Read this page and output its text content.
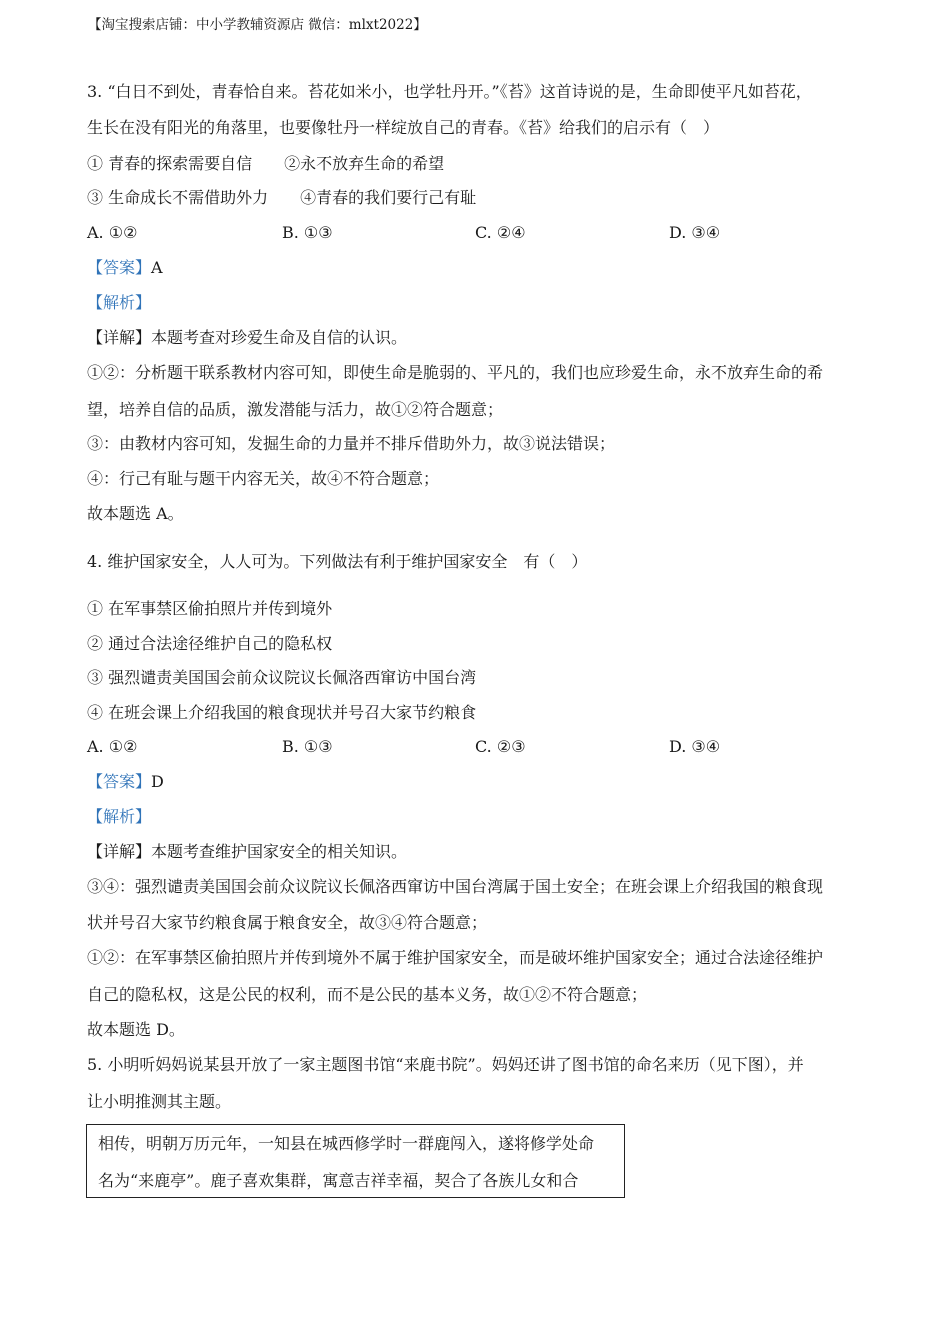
【淘宝搜索店铺：中小学教辅资源店 微信：mlxt2022】
3. “白日不到处，青春恰自来。苔花如米小，也学牡丹开。”《苔》这首诗说的是，生命即使平凡如苔花，
生长在没有阳光的角落里，也要像牡丹一样绽放自己的青春。《苔》给我们的启示有（　）
① 青春的探索需要自信　　②永不放弃生命的希望
③ 生命成长不需借助外力　　④青春的我们要行己有耻
A. ①②	B. ①③	C. ②④	D. ③④
【答案】A
【解析】
【详解】本题考查对珍爱生命及自信的认识。
①②：分析题干联系教材内容可知，即使生命是脆弱的、平凡的，我们也应珍爱生命，永不放弃生命的希
望，培养自信的品质，激发潜能与活力，故①②符合题意；
③：由教材内容可知，发掘生命的力量并不排斥借助外力，故③说法错误；
④：行己有耻与题干内容无关，故④不符合题意；
故本题选 A。
4. 维护国家安全，人人可为。下列做法有利于维护国家安全　有（　）
① 在军事禁区偷拍照片并传到境外
② 通过合法途径维护自己的隐私权
③ 强烈谴责美国国会前众议院议长佩洛西窜访中国台湾
④ 在班会课上介绍我国的粮食现状并号召大家节约粮食
A. ①②	B. ①③	C. ②③	D. ③④
【答案】D
【解析】
【详解】本题考查维护国家安全的相关知识。
③④：强烈谴责美国国会前众议院议长佩洛西窜访中国台湾属于国土安全；在班会课上介绍我国的粮食现
状并号召大家节约粮食属于粮食安全，故③④符合题意；
①②：在军事禁区偷拍照片并传到境外不属于维护国家安全，而是破坏维护国家安全；通过合法途径维护
自己的隐私权，这是公民的权利，而不是公民的基本义务，故①②不符合题意；
故本题选 D。
5. 小明听妈妈说某县开放了一家主题图书馆“来鹿书院”。妈妈还讲了图书馆的命名来历（见下图），并
让小明推测其主题。
相传，明朝万历元年，一知县在城西修学时一群鹿闯入，遂将修学处命
名为“来鹿亭”。鹿子喜欢集群，寓意吉祥幸福，契合了各族儿女和合
